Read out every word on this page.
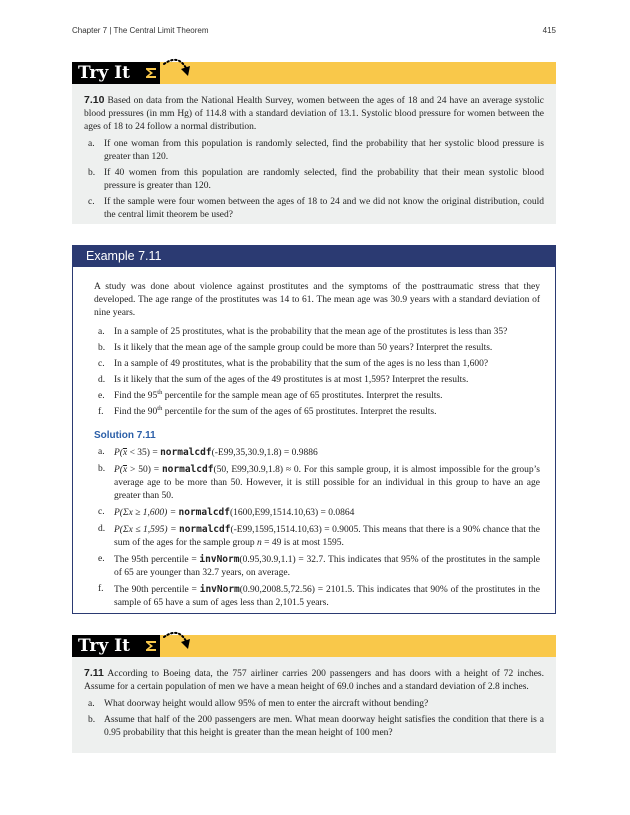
Chapter 7 | The Central Limit Theorem	415
Try It

7.10 Based on data from the National Health Survey, women between the ages of 18 and 24 have an average systolic blood pressures (in mm Hg) of 114.8 with a standard deviation of 13.1. Systolic blood pressure for women between the ages of 18 to 24 follow a normal distribution.

a. If one woman from this population is randomly selected, find the probability that her systolic blood pressure is greater than 120.
b. If 40 women from this population are randomly selected, find the probability that their mean systolic blood pressure is greater than 120.
c. If the sample were four women between the ages of 18 to 24 and we did not know the original distribution, could the central limit theorem be used?
Example 7.11

A study was done about violence against prostitutes and the symptoms of the posttraumatic stress that they developed. The age range of the prostitutes was 14 to 61. The mean age was 30.9 years with a standard deviation of nine years.

a. In a sample of 25 prostitutes, what is the probability that the mean age of the prostitutes is less than 35?
b. Is it likely that the mean age of the sample group could be more than 50 years? Interpret the results.
c. In a sample of 49 prostitutes, what is the probability that the sum of the ages is no less than 1,600?
d. Is it likely that the sum of the ages of the 49 prostitutes is at most 1,595? Interpret the results.
e. Find the 95th percentile for the sample mean age of 65 prostitutes. Interpret the results.
f. Find the 90th percentile for the sum of the ages of 65 prostitutes. Interpret the results.
Solution 7.11
a. P(x < 35) = normalcdf(-E99,35,30.9,1.8) = 0.9886
b. P(x > 50) = normalcdf(50, E99,30.9,1.8) ≈ 0. For this sample group, it is almost impossible for the group’s average age to be more than 50. However, it is still possible for an individual in this group to have an age greater than 50.
c. P(Σx ≥ 1,600) = normalcdf(1600,E99,1514.10,63) = 0.0864
d. P(Σx ≤ 1,595) = normalcdf(-E99,1595,1514.10,63) = 0.9005. This means that there is a 90% chance that the sum of the ages for the sample group n = 49 is at most 1595.
e. The 95th percentile = invNorm(0.95,30.9,1.1) = 32.7. This indicates that 95% of the prostitutes in the sample of 65 are younger than 32.7 years, on average.
f. The 90th percentile = invNorm(0.90,2008.5,72.56) = 2101.5. This indicates that 90% of the prostitutes in the sample of 65 have a sum of ages less than 2,101.5 years.
Try It

7.11 According to Boeing data, the 757 airliner carries 200 passengers and has doors with a height of 72 inches. Assume for a certain population of men we have a mean height of 69.0 inches and a standard deviation of 2.8 inches.

a. What doorway height would allow 95% of men to enter the aircraft without bending?
b. Assume that half of the 200 passengers are men. What mean doorway height satisfies the condition that there is a 0.95 probability that this height is greater than the mean height of 100 men?
